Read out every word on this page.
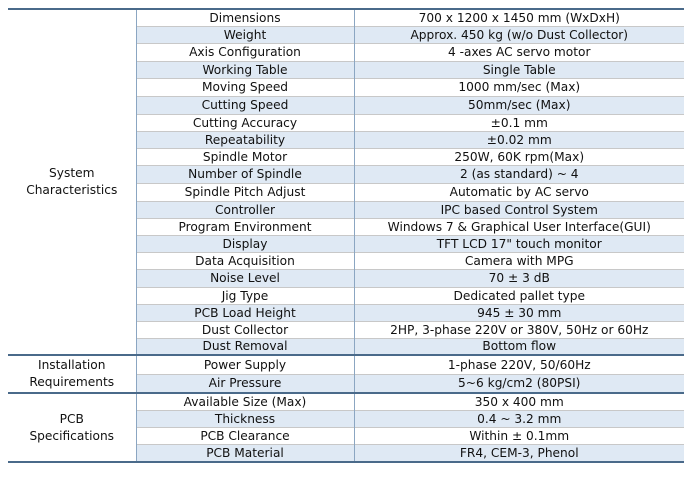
System
Characteristics	Dimensions	700 x 1200 x 1450 mm (WxDxH)
	Weight	Approx. 450 kg (w/o Dust Collector)
	Axis Configuration	4 -axes AC servo motor
	Working Table	Single Table
	Moving Speed	1000 mm/sec (Max)
	Cutting Speed	50mm/sec (Max)
	Cutting Accuracy	±0.1 mm
	Repeatability	±0.02 mm
	Spindle Motor	250W, 60K rpm(Max)
	Number of Spindle	2 (as standard) ~ 4
	Spindle Pitch Adjust	Automatic by AC servo
	Controller	IPC based Control System
	Program Environment	Windows 7 & Graphical User Interface(GUI)
	Display	TFT LCD 17" touch monitor
	Data Acquisition	Camera with MPG
	Noise Level	70 ± 3 dB
	Jig Type	Dedicated pallet type
	PCB Load Height	945 ± 30 mm
	Dust Collector	2HP, 3-phase 220V or 380V, 50Hz or 60Hz
	Dust Removal	Bottom flow

Installation
Requirements	Power Supply	1-phase 220V, 50/60Hz
	Air Pressure	5~6 kg/cm2 (80PSI)

PCB
Specifications	Available Size (Max)	350 x 400 mm
	Thickness	0.4 ~ 3.2 mm
	PCB Clearance	Within ± 0.1mm
	PCB Material	FR4, CEM-3, Phenol
